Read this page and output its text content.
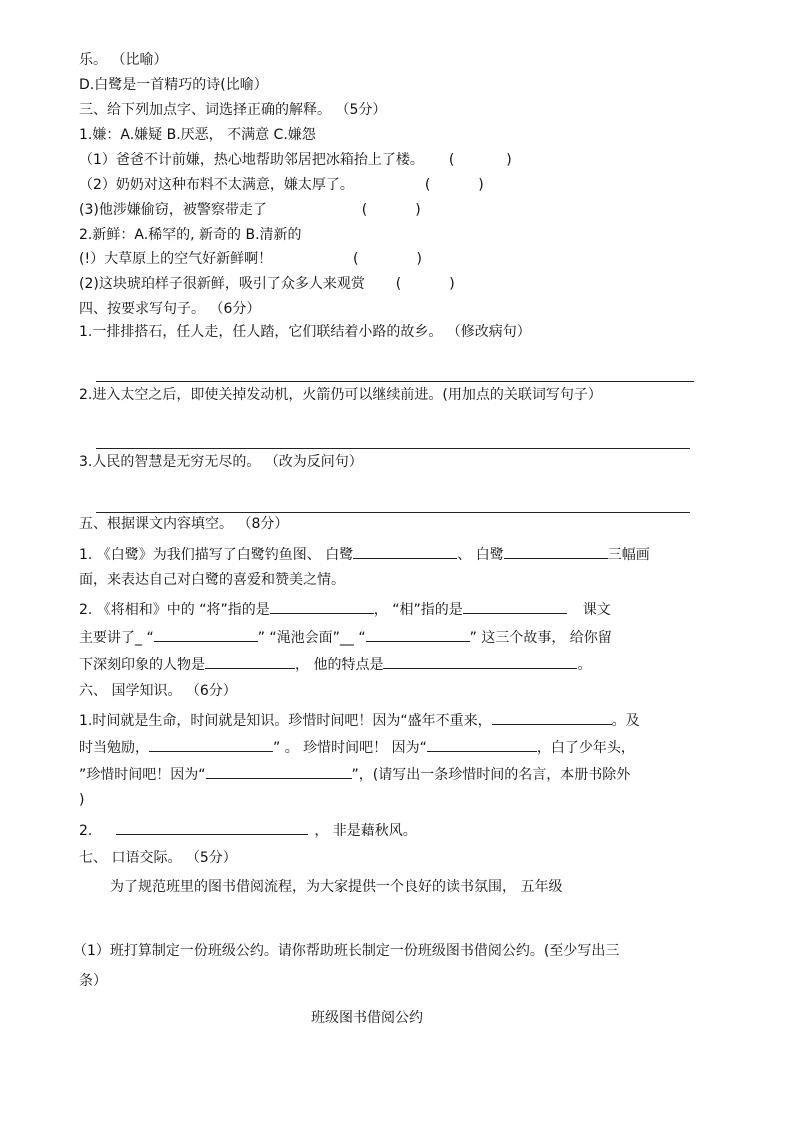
乐。 （比喻）
D.白鹭是一首精巧的诗(比喻）
三、给下列加点字、词选择正确的解释。 （5分）
1.嫌：A.嫌疑 B.厌恶， 不满意 C.嫌怨
（1）爸爸不计前嫌，热心地帮助邻居把冰箱抬上了楼。 (	)
（2）奶奶对这种布料不太满意，嫌太厚了。	(	)
(3)他涉嫌偷窃，被警察带走了	(	)
2.新鲜：A.稀罕的, 新奇的 B.清新的
(!）大草原上的空气好新鲜啊！	(	)
(2)这块琥珀样子很新鲜，吸引了众多人来观赏 (	)
四、按要求写句子。 （6分）
1.一排排搭石，任人走，任人踏，它们联结着小路的故乡。 （修改病句）
2.进入太空之后，即使关掉发动机，火箭仍可以继续前进。(用加点的关联词写句子）
3.人民的智慧是无穷无尽的。 （改为反问句）
五、根据课文内容填空。 （8分）
1. 《白鹭》为我们描写了白鹭钓鱼图、 白鹭	、 白鹭	三幅画
面，来表达自己对白鹭的喜爱和赞美之情。
2. 《将相和》中的 “将”指的是	， “相”指的是	课文
主要讲了_ “	” “渑池会面”__ “	” 这三个故事， 给你留
下深刻印象的人物是	， 他的特点是	。
六、 国学知识。 （6分）
1.时间就是生命，时间就是知识。珍惜时间吧！因为“盛年不重来，	。及
时当勉励，	” 。 珍惜时间吧！ 因为“	，白了少年头，
”珍惜时间吧！因为“	”，(请写出一条珍惜时间的名言，本册书除外
)
2.	， 非是藉秋风。
七、 口语交际。 （5分）
为了规范班里的图书借阅流程，为大家提供一个良好的读书氛围， 五年级
（1）班打算制定一份班级公约。请你帮助班长制定一份班级图书借阅公约。(至少写出三
条）
班级图书借阅公约
